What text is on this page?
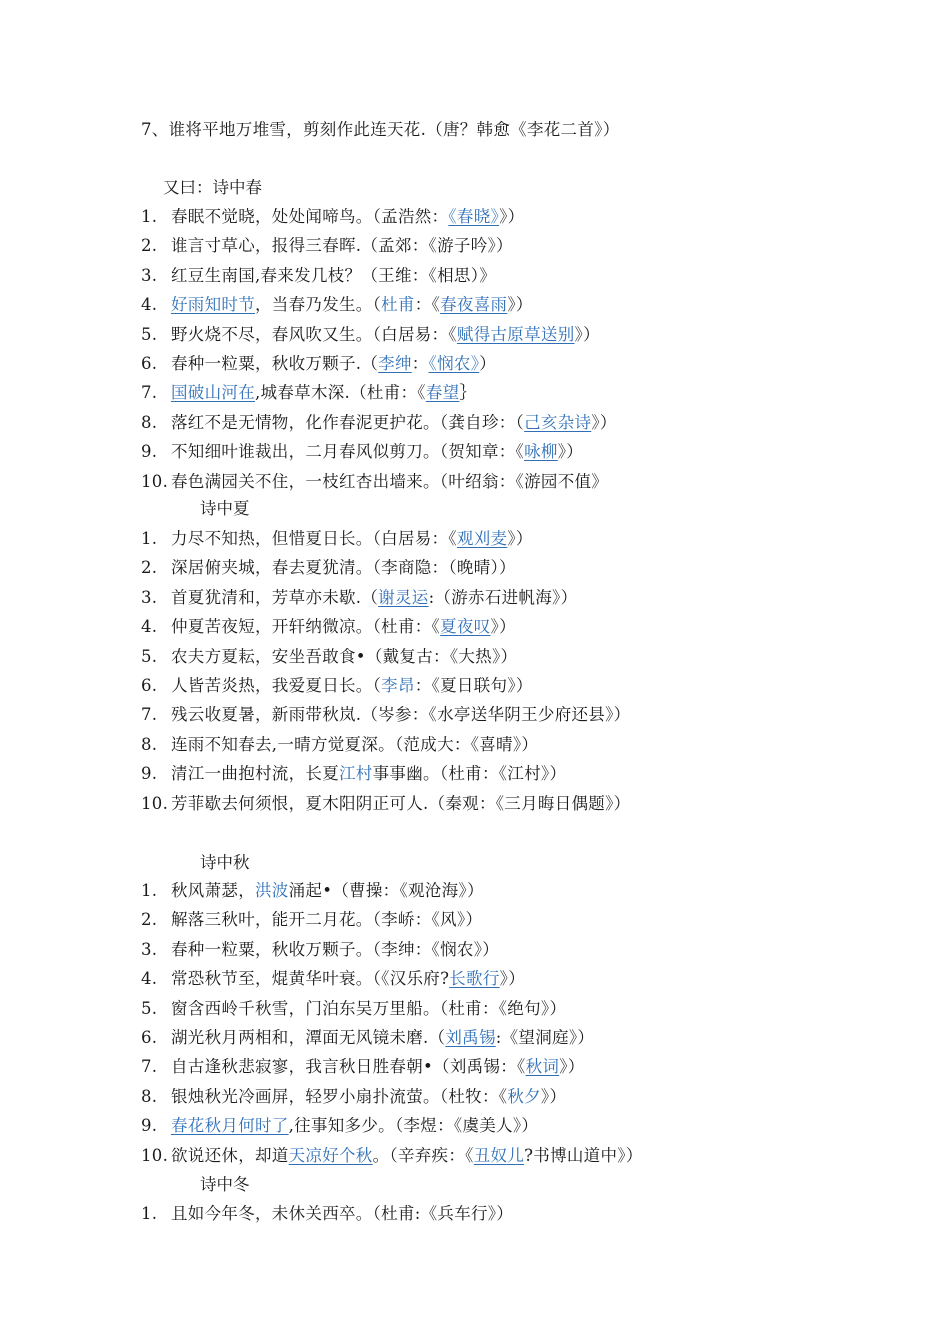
7、谁将平地万堆雪，剪刻作此连天花.（唐？韩愈《李花二首》）
又曰：诗中春
1. 春眠不觉晓，处处闻啼鸟。（孟浩然：《春晓》》）
2. 谁言寸草心，报得三春晖.（孟郊：《游子吟》）
3. 红豆生南国,春来发几枝？（王维：《相思）》
4. 好雨知时节，当春乃发生。（杜甫：《春夜喜雨》）
5. 野火烧不尽，春风吹又生。（白居易：《赋得古原草送别》）
6. 春种一粒粟，秋收万颗子.（李绅：《悯农》）
7. 国破山河在,城春草木深.（杜甫：《春望｝
8. 落红不是无情物，化作春泥更护花。（龚自珍：（己亥杂诗》）
9. 不知细叶谁裁出，二月春风似剪刀。（贺知章：《咏柳》）
10. 春色满园关不住，一枝红杏出墙来。（叶绍翁：《游园不值》
诗中夏
1. 力尽不知热，但惜夏日长。（白居易：《观刈麦》）
2. 深居俯夹城，春去夏犹清。（李商隐：（晚晴））
3. 首夏犹清和，芳草亦未歇.（谢灵运:（游赤石进帆海》）
4. 仲夏苦夜短，开轩纳微凉。（杜甫：《夏夜叹》）
5. 农夫方夏耘，安坐吾敢食•（戴复古：《大热》）
6. 人皆苦炎热，我爱夏日长。（李昂：《夏日联句》）
7. 残云收夏暑，新雨带秋岚.（岑参：《水亭送华阴王少府还县》）
8. 连雨不知春去,一晴方觉夏深。（范成大：《喜晴》）
9. 清江一曲抱村流，长夏江村事事幽。（杜甫：《江村》）
10. 芳菲歇去何须恨，夏木阳阴正可人.（秦观：《三月晦日偶题》）
诗中秋
1. 秋风萧瑟，洪波涌起•（曹操：《观沧海》）
2. 解落三秋叶，能开二月花。（李峤：《风》）
3. 春种一粒粟，秋收万颗子。（李绅：《悯农》）
4. 常恐秋节至，焜黄华叶衰。（《汉乐府?长歌行》）
5. 窗含西岭千秋雪，门泊东吴万里船。（杜甫：《绝句》）
6. 湖光秋月两相和，潭面无风镜未磨.（刘禹锡:《望洞庭》）
7. 自古逢秋悲寂寥，我言秋日胜春朝•（刘禹锡：《秋词》）
8. 银烛秋光冷画屏，轻罗小扇扑流萤。（杜牧：《秋夕》）
9. 春花秋月何时了,往事知多少。（李煜：《虞美人》）
10. 欲说还休，却道天凉好个秋。（辛弃疾：《丑奴儿?书博山道中》）
诗中冬
1. 且如今年冬，未休关西卒。（杜甫:《兵车行》）
